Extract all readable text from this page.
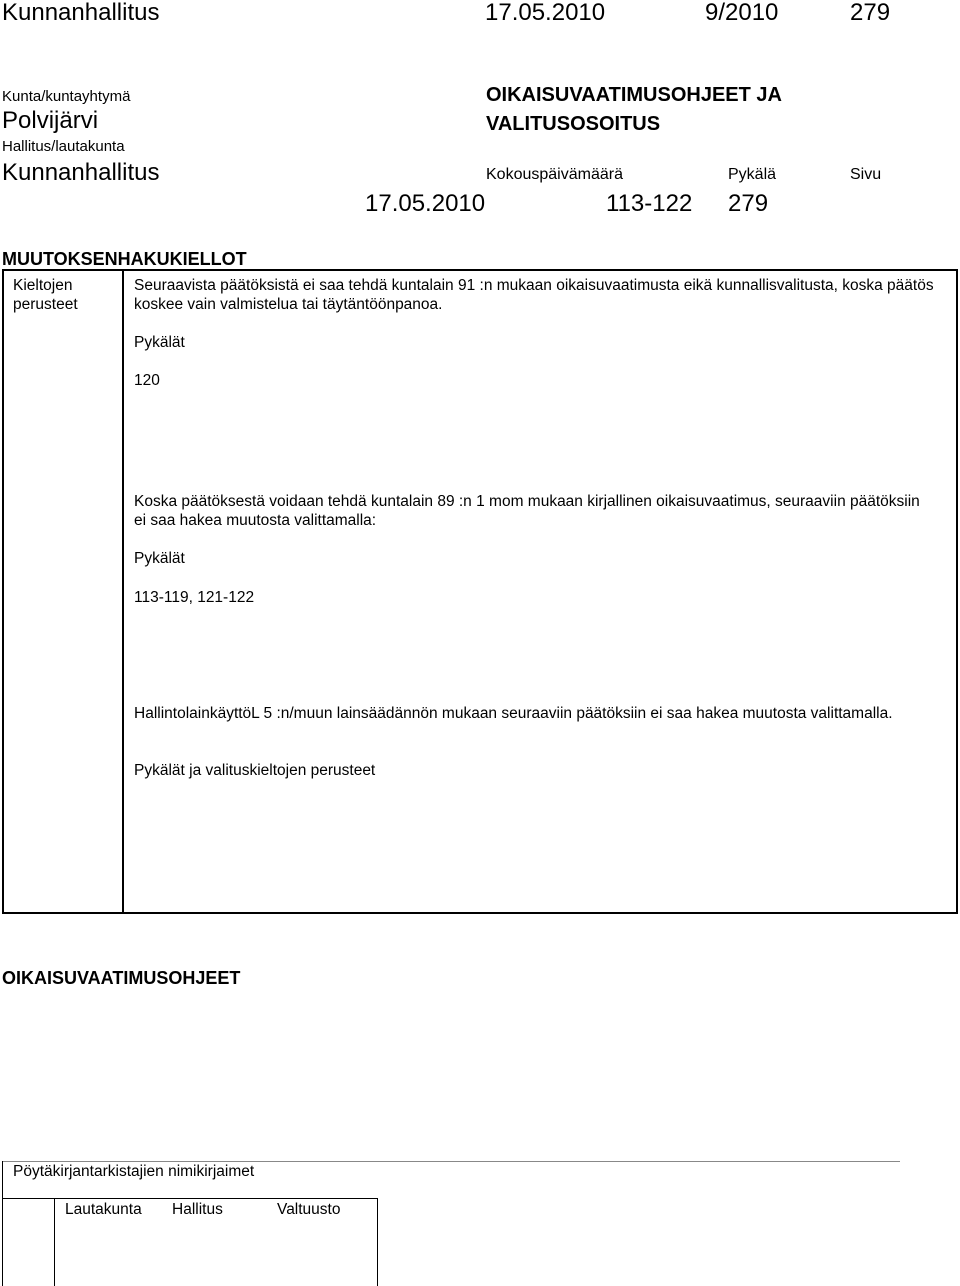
Kunnanhallitus	17.05.2010	9/2010	279
Kunta/kuntayhtymä
Polvijärvi
Hallitus/lautakunta
Kunnanhallitus
OIKAISUVAATIMUSOHJEET JA
VALITUSOSOITUS
Kokouspäivämäärä	Pykälä	Sivu
17.05.2010	113-122 279
MUUTOKSENHAKUKIELLOT
Kieltojen
perusteet
Seuraavista päätöksistä ei saa tehdä kuntalain 91 :n mukaan oikaisuvaatimusta eikä kunnallisvalitusta, koska päätös koskee vain valmistelua tai täytäntöönpanoa.
Pykälät
120
Koska päätöksestä voidaan tehdä kuntalain 89 :n 1 mom mukaan kirjallinen oikaisuvaatimus, seuraaviin päätöksiin ei saa hakea muutosta valittamalla:
Pykälät
113-119, 121-122
HallintolainkäyttöL 5 :n/muun lainsäädännön mukaan seuraaviin päätöksiin ei saa hakea muutosta valittamalla.
Pykälät ja valituskieltojen perusteet
OIKAISUVAATIMUSOHJEET
Pöytäkirjantarkistajien nimikirjaimet
Lautakunta Hallitus	Valtuusto
